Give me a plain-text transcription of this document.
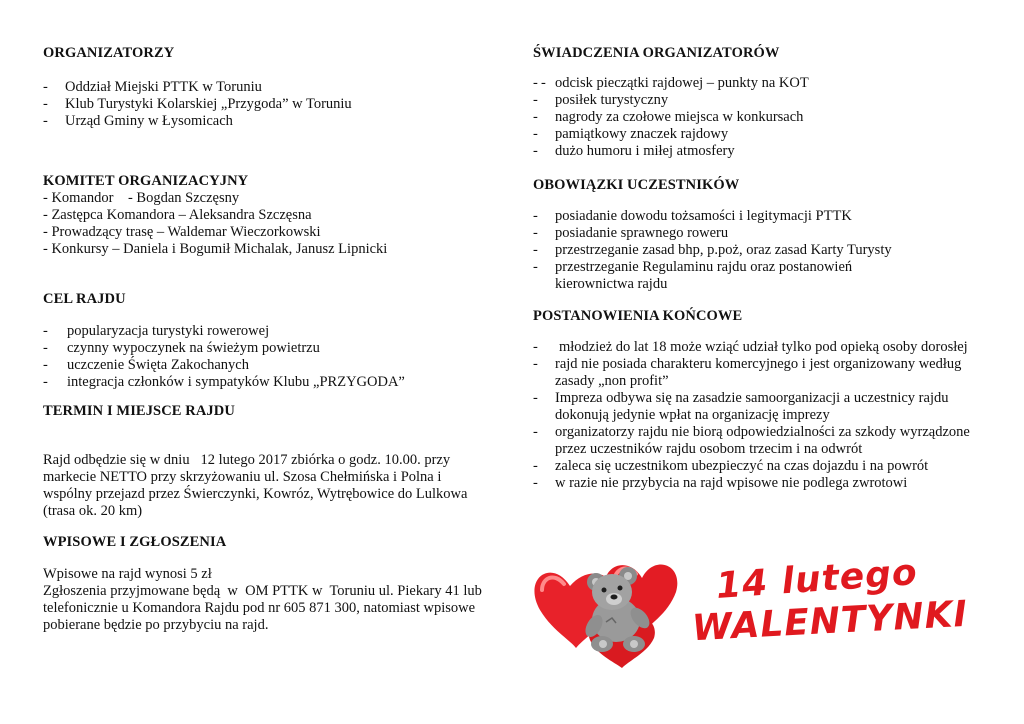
ORGANIZATORZY
- Oddział Miejski PTTK w Toruniu
- Klub Turystyki Kolarskiej „Przygoda” w Toruniu
- Urząd Gminy w Łysomicach
KOMITET ORGANIZACYJNY
- Komandor    - Bogdan Szczęsny
- Zastępca Komandora – Aleksandra Szczęsna
- Prowadzący trasę – Waldemar Wieczorkowski
- Konkursy – Daniela i Bogumił Michalak, Janusz Lipnicki
CEL RAJDU
- popularyzacja turystyki rowerowej
- czynny wypoczynek na świeżym powietrzu
- uczczenie Święta Zakochanych
- integracja członków i sympatyków Klubu „PRZYGODA”
TERMIN I MIEJSCE RAJDU

Rajd odbędzie się w dniu   12 lutego 2017 zbiórka o godz. 10.00. przy markecie NETTO przy skrzyżowaniu ul. Szosa Chełmińska i Polna i wspólny przejazd przez Świerczynki, Kowróz, Wytrębowice do Lulkowa (trasa ok. 20 km)

WPISOWE I ZGŁOSZENIA

Wpisowe na rajd wynosi 5 zł

Zgłoszenia przyjmowane będą  w  OM PTTK w  Toruniu ul. Piekary 41 lub telefonicznie u Komandora Rajdu pod nr 605 871 300, natomiast wpisowe pobierane będzie po przybyciu na rajd.

ŚWIADCZENIA ORGANIZATORÓW
- - odcisk pieczątki rajdowej – punkty na KOT
- posiłek turystyczny
- nagrody za czołowe miejsca w konkursach
- pamiątkowy znaczek rajdowy
- dużo humoru i miłej atmosfery
OBOWIĄZKI UCZESTNIKÓW
- posiadanie dowodu tożsamości i legitymacji PTTK
- posiadanie sprawnego roweru
- przestrzeganie zasad bhp, p.poż, oraz zasad Karty Turysty
- przestrzeganie Regulaminu rajdu oraz postanowień kierownictwa rajdu
POSTANOWIENIA KOŃCOWE
- młodzież do lat 18 może wziąć udział tylko pod opieką osoby dorosłej
- rajd nie posiada charakteru komercyjnego i jest organizowany według zasady „non profit”
- Impreza odbywa się na zasadzie samoorganizacji a uczestnicy rajdu dokonują jedynie wpłat na organizację imprezy
- organizatorzy rajdu nie biorą odpowiedzialności za szkody wyrządzone przez uczestników rajdu osobom trzecim i na odwrót
- zaleca się uczestnikom ubezpieczyć na czas dojazdu i na powrót
- w razie nie przybycia na rajd wpisowe nie podlega zwrotowi
14 lutego
WALENTYNKI
